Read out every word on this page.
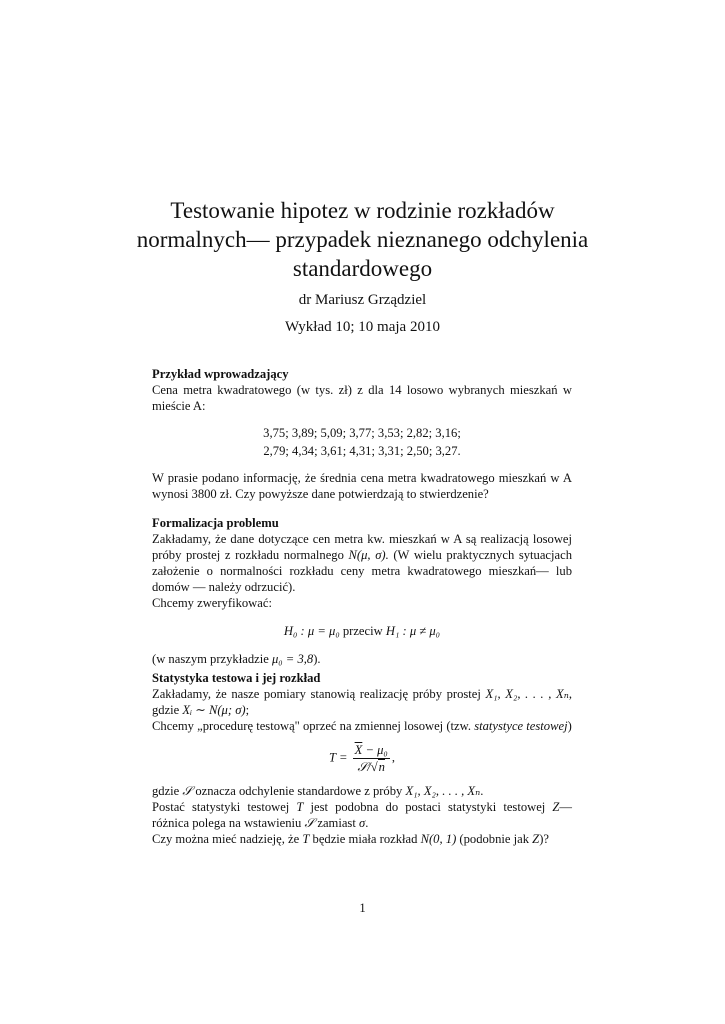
Testowanie hipotez w rodzinie rozkładów normalnych— przypadek nieznanego odchylenia standardowego
dr Mariusz Grządziel
Wykład 10; 10 maja 2010
Przykład wprowadzający
Cena metra kwadratowego (w tys. zł) z dla 14 losowo wybranych mieszkań w mieście A:
3,75; 3,89; 5,09; 3,77; 3,53; 2,82; 3,16;
2,79; 4,34; 3,61; 4,31; 3,31; 2,50; 3,27.
W prasie podano informację, że średnia cena metra kwadratowego mieszkań w A wynosi 3800 zł. Czy powyższe dane potwierdzają to stwierdzenie?
Formalizacja problemu
Zakładamy, że dane dotyczące cen metra kw. mieszkań w A są realizacją losowej próby prostej z rozkładu normalnego N(μ, σ). (W wielu praktycznych sytuacjach założenie o normalności rozkładu ceny metra kwadratowego mieszkań— lub domów — należy odrzucić).
Chcemy zweryfikować:
H₀ : μ = μ₀ przeciw H₁ : μ ≠ μ₀
(w naszym przykładzie μ₀ = 3,8).
Statystyka testowa i jej rozkład
Zakładamy, że nasze pomiary stanowią realizację próby prostej X₁, X₂, . . . , Xₙ, gdzie Xᵢ ∼ N(μ; σ);
Chcemy „procedurę testową" oprzeć na zmiennej losowej (tzw. statystyce testowej)
$T = \frac{\overline{X} - \mu_0}{\text{𝒮/√n}}$ ,
gdzie 𝒮 oznacza odchylenie standardowe z próby X₁, X₂, . . . , Xₙ.
Postać statystyki testowej T jest podobna do postaci statystyki testowej Z— różnica polega na wstawieniu 𝒮 zamiast σ.
Czy można mieć nadzieję, że T będzie miała rozkład N(0, 1) (podobnie jak Z)?
1
